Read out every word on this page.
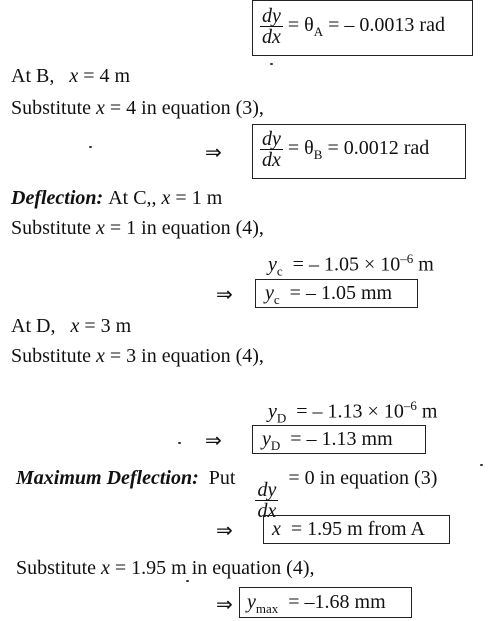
$\frac{dy}{dx} = \theta_A$ = – 0.0013 rad
At B, x = 4 m
Substitute x = 4 in equation (3),
⇒ $\frac{dy}{dx} = \theta_B = 0.0012$ rad
Deflection: At C,, x = 1 m
Substitute x = 1 in equation (4),
$y_c$ = – $1.05 \times 10^{-6}$ m
⇒ $y_c$ = – 1.05 mm
At D, x = 3 m
Substitute x = 3 in equation (4),
$y_D$ = – $1.13 \times 10^{-6}$ m
⇒ $y_D$ = – 1.13 mm
Maximum Deflection: Put
$\frac{dy}{dx}$
= 0 in equation (3)
⇒ x = 1.95 m from A
Substitute x = 1.95 m in equation (4),
⇒ $y_{max} = -1.68$ mm
